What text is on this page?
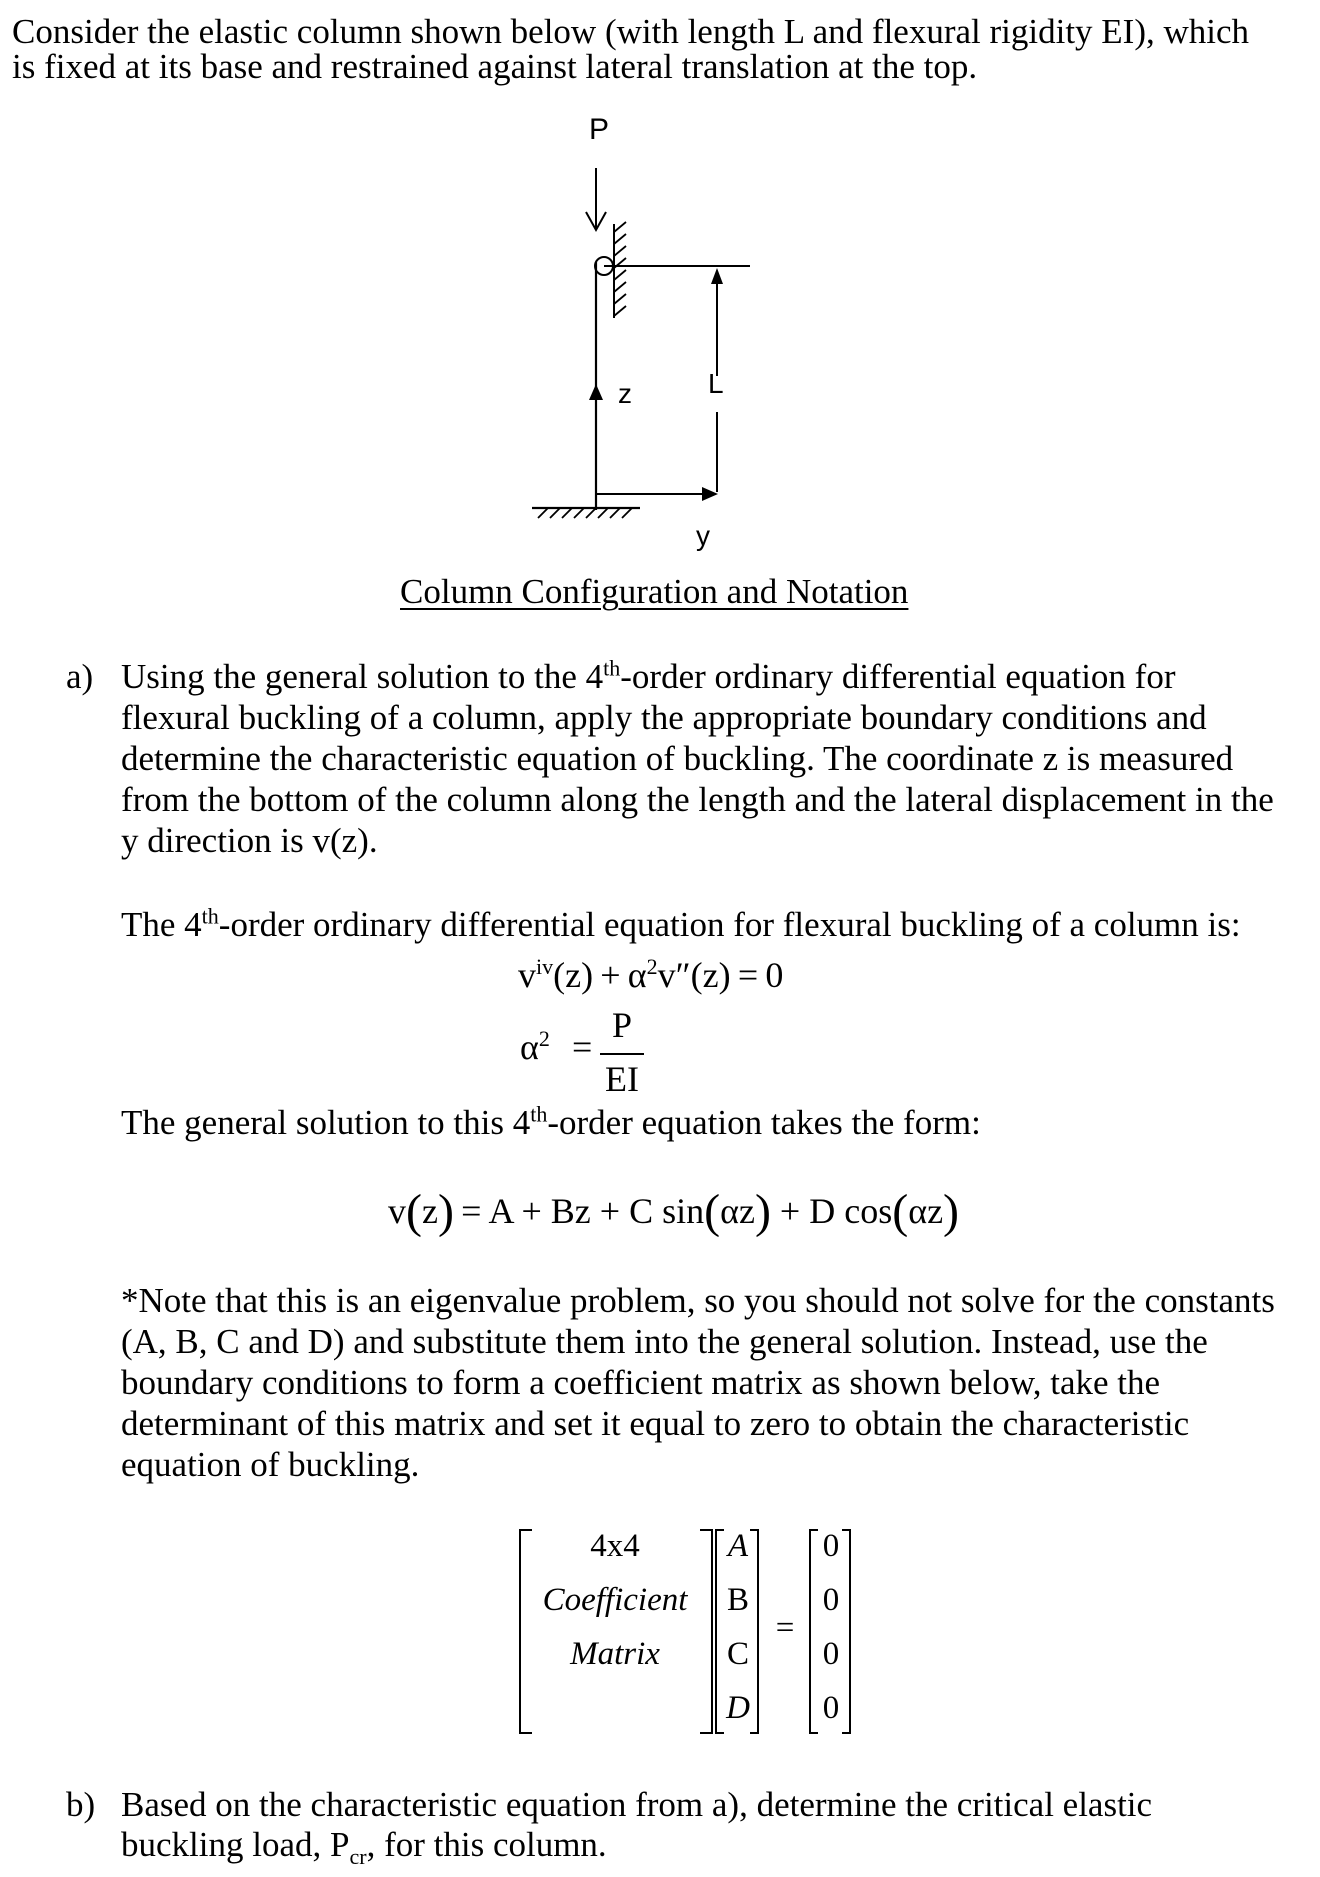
Consider the elastic column shown below (with length L and flexural rigidity EI), which
is fixed at its base and restrained against lateral translation at the top.
P
z	L
y
Column Configuration and Notation
a) Using the general solution to the 4th-order ordinary differential equation for
flexural buckling of a column, apply the appropriate boundary conditions and
determine the characteristic equation of buckling. The coordinate z is measured
from the bottom of the column along the length and the lateral displacement in the
y direction is v(z).
The 4th-order ordinary differential equation for flexural buckling of a column is:
$v^{iv}(z) + \alpha^2v''(z) = 0$
$\alpha^2$ =
P
EI
The general solution to this 4th-order equation takes the form:
v(z) = A + Bz + C sin(αz) + D cos(αz)
*Note that this is an eigenvalue problem, so you should not solve for the constants
(A, B, C and D) and substitute them into the general solution. Instead, use the
boundary conditions to form a coefficient matrix as shown below, take the
determinant of this matrix and set it equal to zero to obtain the characteristic
equation of buckling.
4x4
Coefficient
Matrix
A
B
C
D
=
0
0
0
0
b) Based on the characteristic equation from a), determine the critical elastic
buckling load, $P_{cr}$, for this column.
